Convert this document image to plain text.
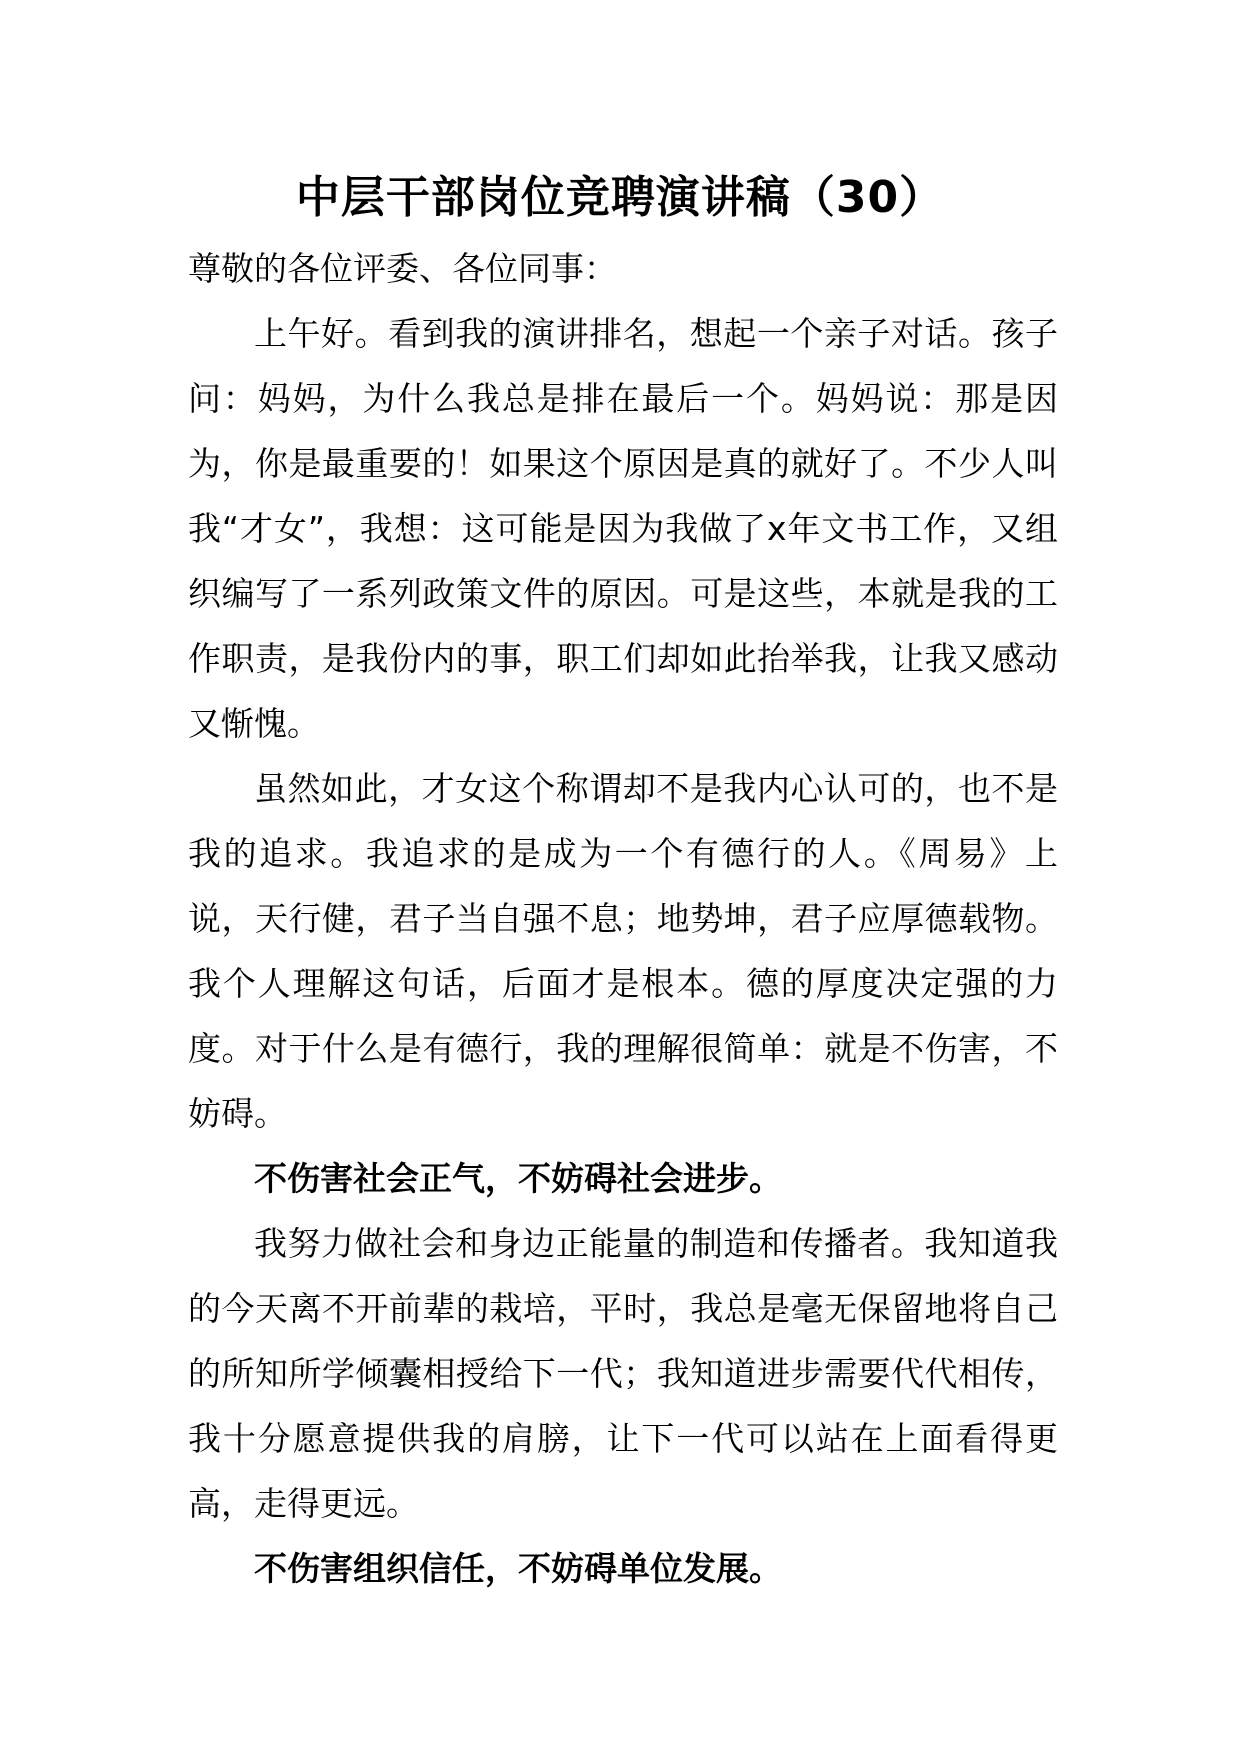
中层干部岗位竞聘演讲稿（30）

尊敬的各位评委、各位同事：

上午好。看到我的演讲排名，想起一个亲子对话。孩子问：妈妈，为什么我总是排在最后一个。妈妈说：那是因为，你是最重要的！如果这个原因是真的就好了。不少人叫我“才女”，我想：这可能是因为我做了x年文书工作，又组织编写了一系列政策文件的原因。可是这些，本就是我的工作职责，是我份内的事，职工们却如此抬举我，让我又感动又惭愧。

虽然如此，才女这个称谓却不是我内心认可的，也不是我的追求。我追求的是成为一个有德行的人。《周易》上说，天行健，君子当自强不息；地势坤，君子应厚德载物。我个人理解这句话，后面才是根本。德的厚度决定强的力度。对于什么是有德行，我的理解很简单：就是不伤害，不妨碍。

不伤害社会正气，不妨碍社会进步。

我努力做社会和身边正能量的制造和传播者。我知道我的今天离不开前辈的栽培，平时，我总是毫无保留地将自己的所知所学倾囊相授给下一代；我知道进步需要代代相传，我十分愿意提供我的肩膀，让下一代可以站在上面看得更高，走得更远。

不伤害组织信任，不妨碍单位发展。
